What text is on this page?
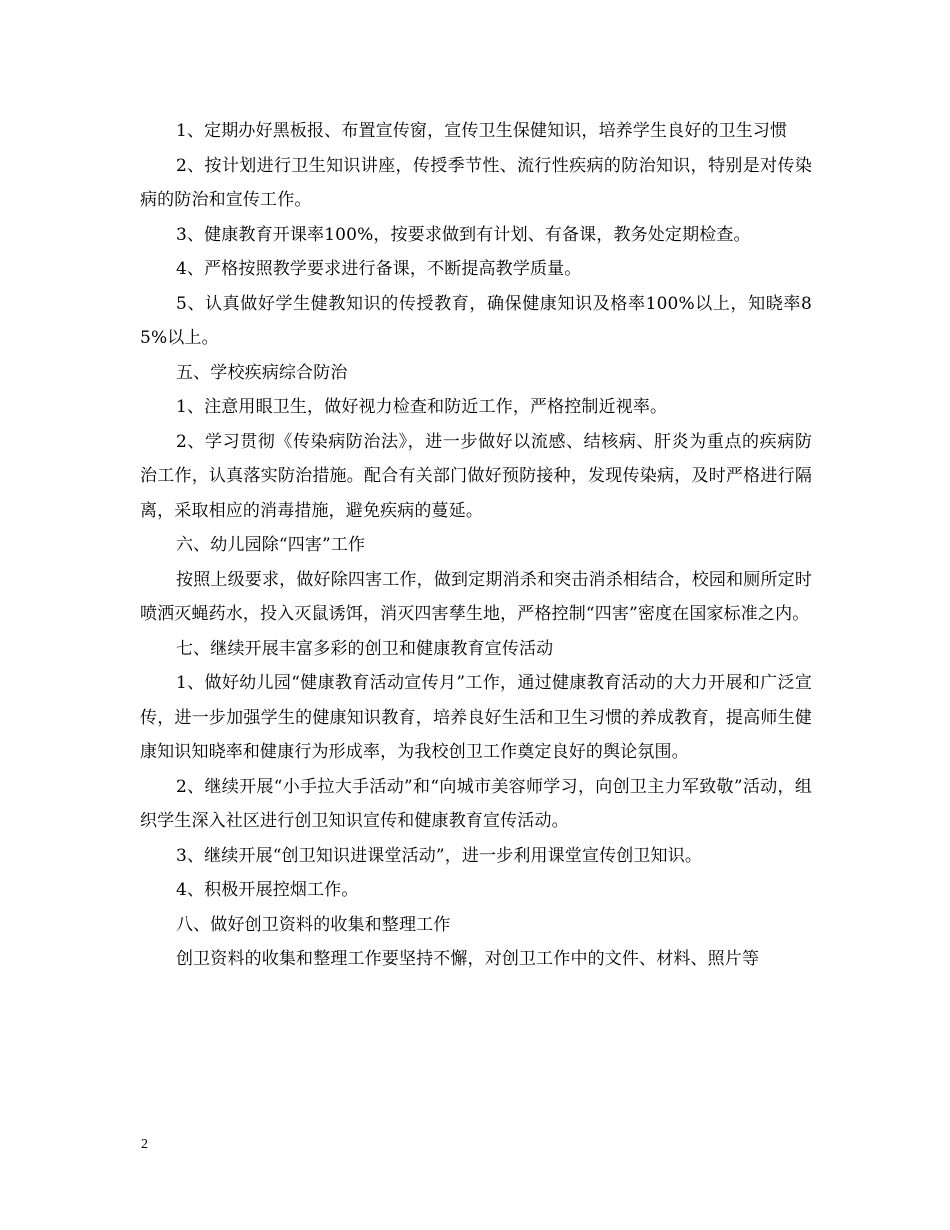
1、定期办好黑板报、布置宣传窗，宣传卫生保健知识，培养学生良好的卫生习惯

2、按计划进行卫生知识讲座，传授季节性、流行性疾病的防治知识，特别是对传染病的防治和宣传工作。

3、健康教育开课率100%，按要求做到有计划、有备课，教务处定期检查。

4、严格按照教学要求进行备课，不断提高教学质量。

5、认真做好学生健教知识的传授教育，确保健康知识及格率100%以上，知晓率85%以上。

五、学校疾病综合防治

1、注意用眼卫生，做好视力检查和防近工作，严格控制近视率。

2、学习贯彻《传染病防治法》，进一步做好以流感、结核病、肝炎为重点的疾病防治工作，认真落实防治措施。配合有关部门做好预防接种，发现传染病，及时严格进行隔离，采取相应的消毒措施，避免疾病的蔓延。

六、幼儿园除“四害”工作

按照上级要求，做好除四害工作，做到定期消杀和突击消杀相结合，校园和厕所定时喷洒灭蝇药水，投入灭鼠诱饵，消灭四害孳生地，严格控制“四害”密度在国家标准之内。

七、继续开展丰富多彩的创卫和健康教育宣传活动

1、做好幼儿园“健康教育活动宣传月”工作，通过健康教育活动的大力开展和广泛宣传，进一步加强学生的健康知识教育，培养良好生活和卫生习惯的养成教育，提高师生健康知识知晓率和健康行为形成率，为我校创卫工作奠定良好的舆论氛围。

2、继续开展“小手拉大手活动”和“向城市美容师学习，向创卫主力军致敬”活动，组织学生深入社区进行创卫知识宣传和健康教育宣传活动。

3、继续开展“创卫知识进课堂活动”，进一步利用课堂宣传创卫知识。

4、积极开展控烟工作。

八、做好创卫资料的收集和整理工作

创卫资料的收集和整理工作要坚持不懈，对创卫工作中的文件、材料、照片等

2
